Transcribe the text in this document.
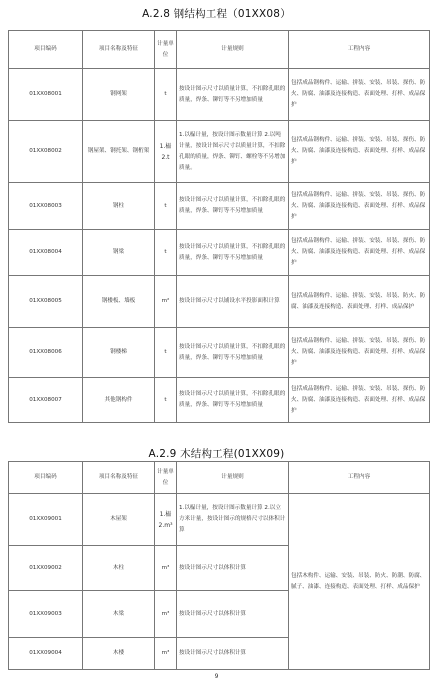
A.2.8 钢结构工程（01XX08）
项目编码	项目名称及特征	计量单位	计量规则	工程内容
01XX08001	钢网架	t	按设计图示尺寸以质量计算，不扣除孔眼的质量，焊条、铆钉等不另增加质量	包括成品钢构件、运输、拼装、安装、吊装、探伤、防火、防腐、油漆及连接构造、表面处理、打样、成品保护
01XX08002	钢屋架、钢托架、钢桁架	1.榀 2.t	1.以榀计量，按设计图示数量计算 2.以吨计量，按设计图示尺寸以质量计算，不扣除孔眼的质量，焊条、铆钉、螺栓等不另增加质量。	包括成品钢构件、运输、拼装、安装、吊装、探伤、防火、防腐、油漆及连接构造、表面处理、打样、成品保护
01XX08003	钢柱	t	按设计图示尺寸以质量计算，不扣除孔眼的质量，焊条、铆钉等不另增加质量	包括成品钢构件、运输、拼装、安装、吊装、探伤、防火、防腐、油漆及连接构造、表面处理、打样、成品保护
01XX08004	钢梁	t	按设计图示尺寸以质量计算，不扣除孔眼的质量，焊条、铆钉等不另增加质量	包括成品钢构件、运输、拼装、安装、吊装、探伤、防火、防腐、油漆及连接构造、表面处理、打样、成品保护
01XX08005	钢楼板、墙板	m²	按设计图示尺寸以铺设水平投影面积计算	包括成品钢构件、运输、拼装、安装、吊装、防火、防腐、油漆及连接构造、表面处理、打样、成品保护
01XX08006	钢楼梯	t	按设计图示尺寸以质量计算，不扣除孔眼的质量，焊条、铆钉等不另增加质量	包括成品钢构件、运输、拼装、安装、吊装、探伤、防火、防腐、油漆及连接构造、表面处理、打样、成品保护
01XX08007	其他钢构件	t	按设计图示尺寸以质量计算，不扣除孔眼的质量，焊条、铆钉等不另增加质量	包括成品钢构件、运输、拼装、安装、吊装、探伤、防火、防腐、油漆及连接构造、表面处理、打样、成品保护
A.2.9 木结构工程(01XX09)
项目编码	项目名称及特征	计量单位	计量规则	工程内容
01XX09001	木屋架	1.榀 2.m³	1.以榀计量，按设计图示数量计算 2.以立方米计量，按设计图示的规格尺寸以体积计算	包括木构件、运输、安装、吊装、防火、防潮、防腐、腻子、油漆、连接构造、表面处理、打样、成品保护
01XX09002	木柱	m³	按设计图示尺寸以体积计算	
01XX09003	木梁	m³	按设计图示尺寸以体积计算	
01XX09004	木楼	m³	按设计图示尺寸以体积计算	
9
